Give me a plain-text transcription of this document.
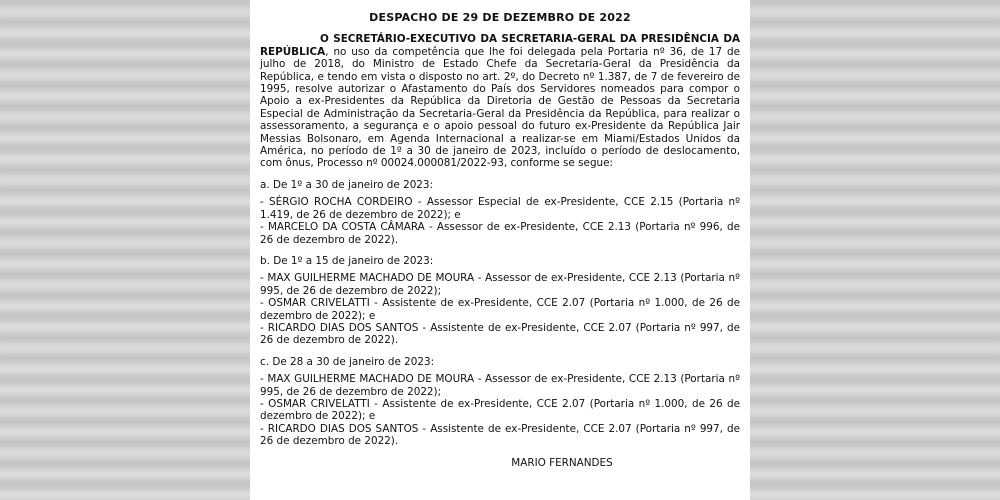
DESPACHO DE 29 DE DEZEMBRO DE 2022

O SECRETÁRIO-EXECUTIVO DA SECRETARIA-GERAL DA PRESIDÊNCIA DA REPÚBLICA, no uso da competência que lhe foi delegada pela Portaria nº 36, de 17 de julho de 2018, do Ministro de Estado Chefe da Secretaria-Geral da Presidência da República, e tendo em vista o disposto no art. 2º, do Decreto nº 1.387, de 7 de fevereiro de 1995, resolve autorizar o Afastamento do País dos Servidores nomeados para compor o Apoio a ex-Presidentes da República da Diretoria de Gestão de Pessoas da Secretaria Especial de Administração da Secretaria-Geral da Presidência da República, para realizar o assessoramento, a segurança e o apoio pessoal do futuro ex-Presidente da República Jair Messias Bolsonaro, em Agenda Internacional a realizar-se em Miami/Estados Unidos da América, no período de 1º a 30 de janeiro de 2023, incluído o período de deslocamento, com ônus, Processo nº 00024.000081/2022-93, conforme se segue:

a. De 1º a 30 de janeiro de 2023:

- SÉRGIO ROCHA CORDEIRO - Assessor Especial de ex-Presidente, CCE 2.15 (Portaria nº 1.419, de 26 de dezembro de 2022); e

- MARCELO DA COSTA CÂMARA - Assessor de ex-Presidente, CCE 2.13 (Portaria nº 996, de 26 de dezembro de 2022).

b. De 1º a 15 de janeiro de 2023:

- MAX GUILHERME MACHADO DE MOURA - Assessor de ex-Presidente, CCE 2.13 (Portaria nº 995, de 26 de dezembro de 2022);

- OSMAR CRIVELATTI - Assistente de ex-Presidente, CCE 2.07 (Portaria nº 1.000, de 26 de dezembro de 2022); e

- RICARDO DIAS DOS SANTOS - Assistente de ex-Presidente, CCE 2.07 (Portaria nº 997, de 26 de dezembro de 2022).

c. De 28 a 30 de janeiro de 2023:

- MAX GUILHERME MACHADO DE MOURA - Assessor de ex-Presidente, CCE 2.13 (Portaria nº 995, de 26 de dezembro de 2022);

- OSMAR CRIVELATTI - Assistente de ex-Presidente, CCE 2.07 (Portaria nº 1.000, de 26 de dezembro de 2022); e

- RICARDO DIAS DOS SANTOS - Assistente de ex-Presidente, CCE 2.07 (Portaria nº 997, de 26 de dezembro de 2022).

MARIO FERNANDES
